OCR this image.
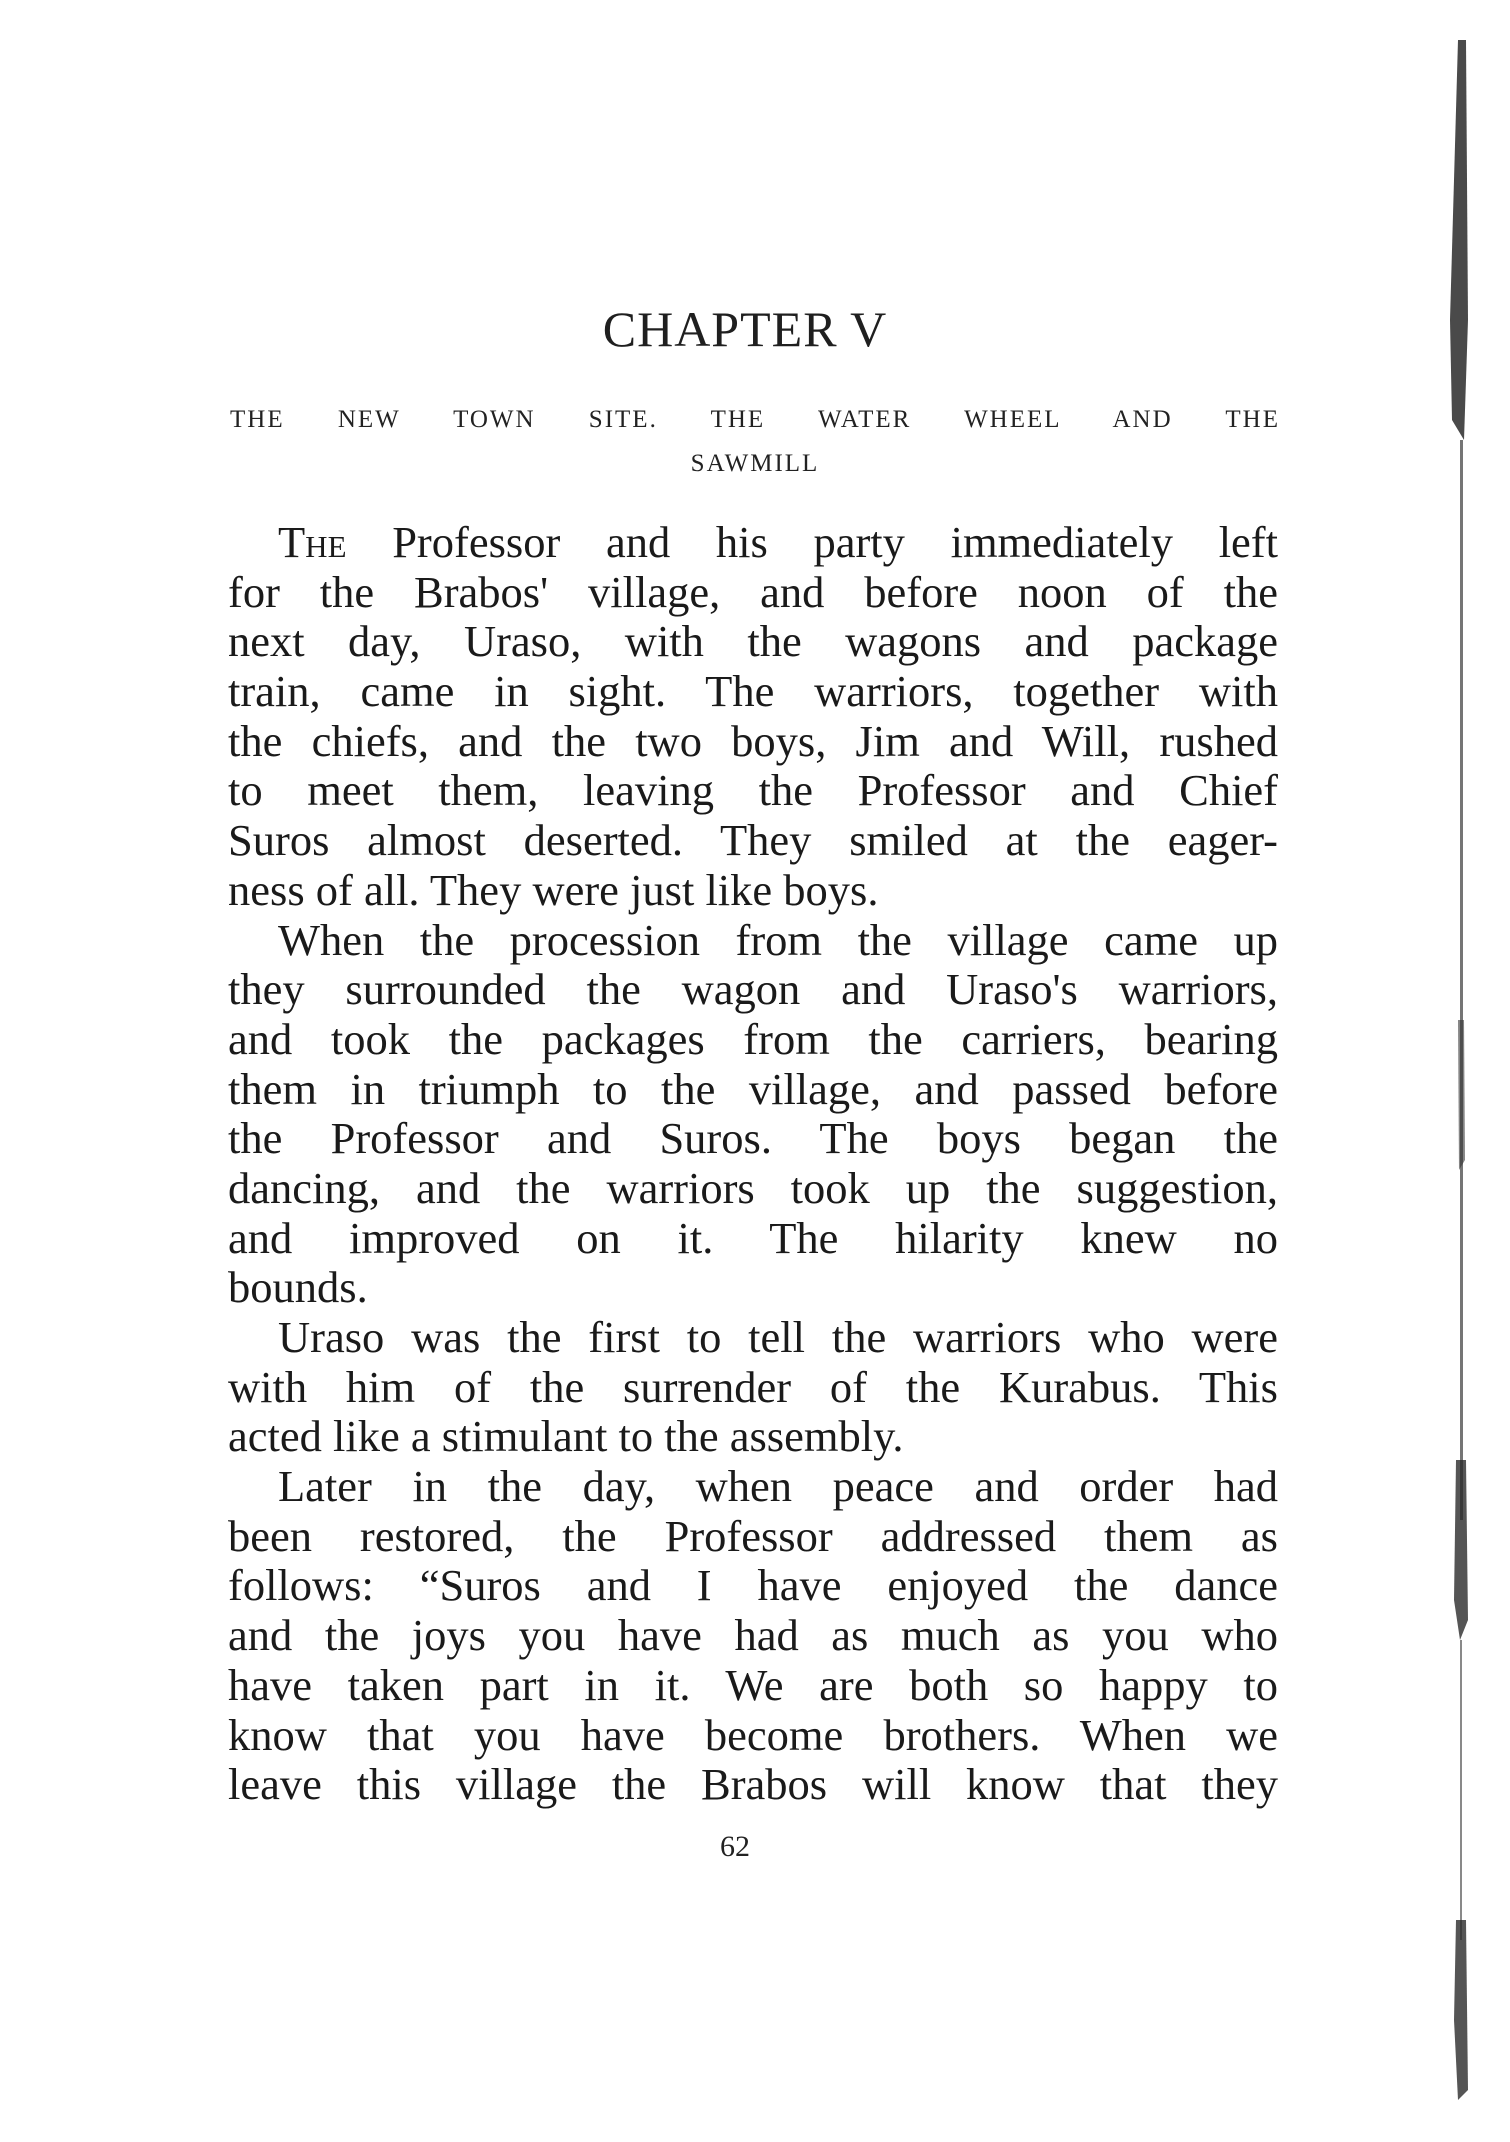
CHAPTER V
THE NEW TOWN SITE. THE WATER WHEEL AND THE
SAWMILL
The Professor and his party immediately left
for the Brabos' village, and before noon of the
next day, Uraso, with the wagons and package
train, came in sight. The warriors, together with
the chiefs, and the two boys, Jim and Will, rushed
to meet them, leaving the Professor and Chief
Suros almost deserted. They smiled at the eager-
ness of all. They were just like boys.
When the procession from the village came up
they surrounded the wagon and Uraso's warriors,
and took the packages from the carriers, bearing
them in triumph to the village, and passed before
the Professor and Suros. The boys began the
dancing, and the warriors took up the suggestion,
and improved on it. The hilarity knew no
bounds.
Uraso was the first to tell the warriors who were
with him of the surrender of the Kurabus. This
acted like a stimulant to the assembly.
Later in the day, when peace and order had
been restored, the Professor addressed them as
follows: “Suros and I have enjoyed the dance
and the joys you have had as much as you who
have taken part in it. We are both so happy to
know that you have become brothers. When we
leave this village the Brabos will know that they
62
